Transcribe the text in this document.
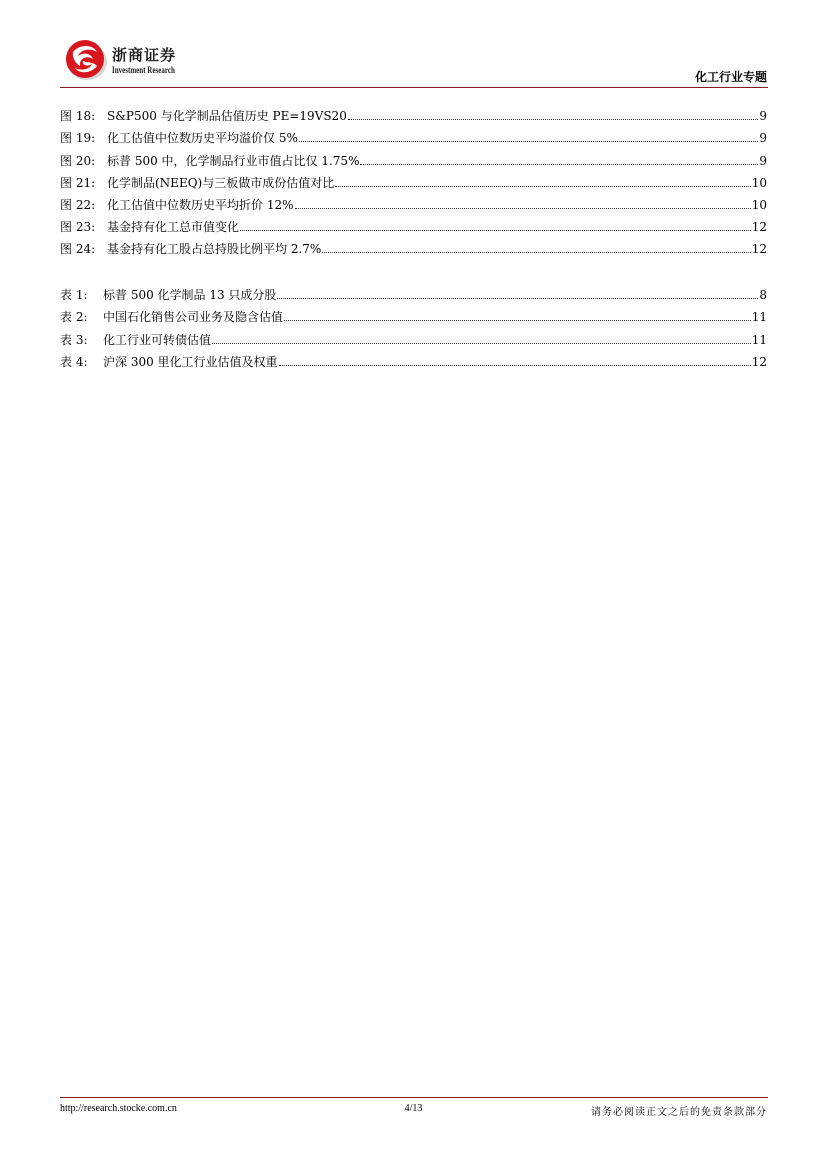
浙商证券
Investment Research	化工行业专题
图 18: S&P500 与化学制品估值历史 PE=19VS20	9
图 19: 化工估值中位数历史平均溢价仅 5%	9
图 20: 标普 500 中，化学制品行业市值占比仅 1.75%	9
图 21: 化学制品(NEEQ)与三板做市成份估值对比	10
图 22: 化工估值中位数历史平均折价 12%	10
图 23: 基金持有化工总市值变化	12
图 24: 基金持有化工股占总持股比例平均 2.7%	12
表 1:	标普 500 化学制品 13 只成分股	8
表 2:	中国石化销售公司业务及隐含估值	11
表 3:	化工行业可转债估值	11
表 4:	沪深 300 里化工行业估值及权重	12
http://research.stocke.com.cn	4/13	请务必阅读正文之后的免责条款部分
